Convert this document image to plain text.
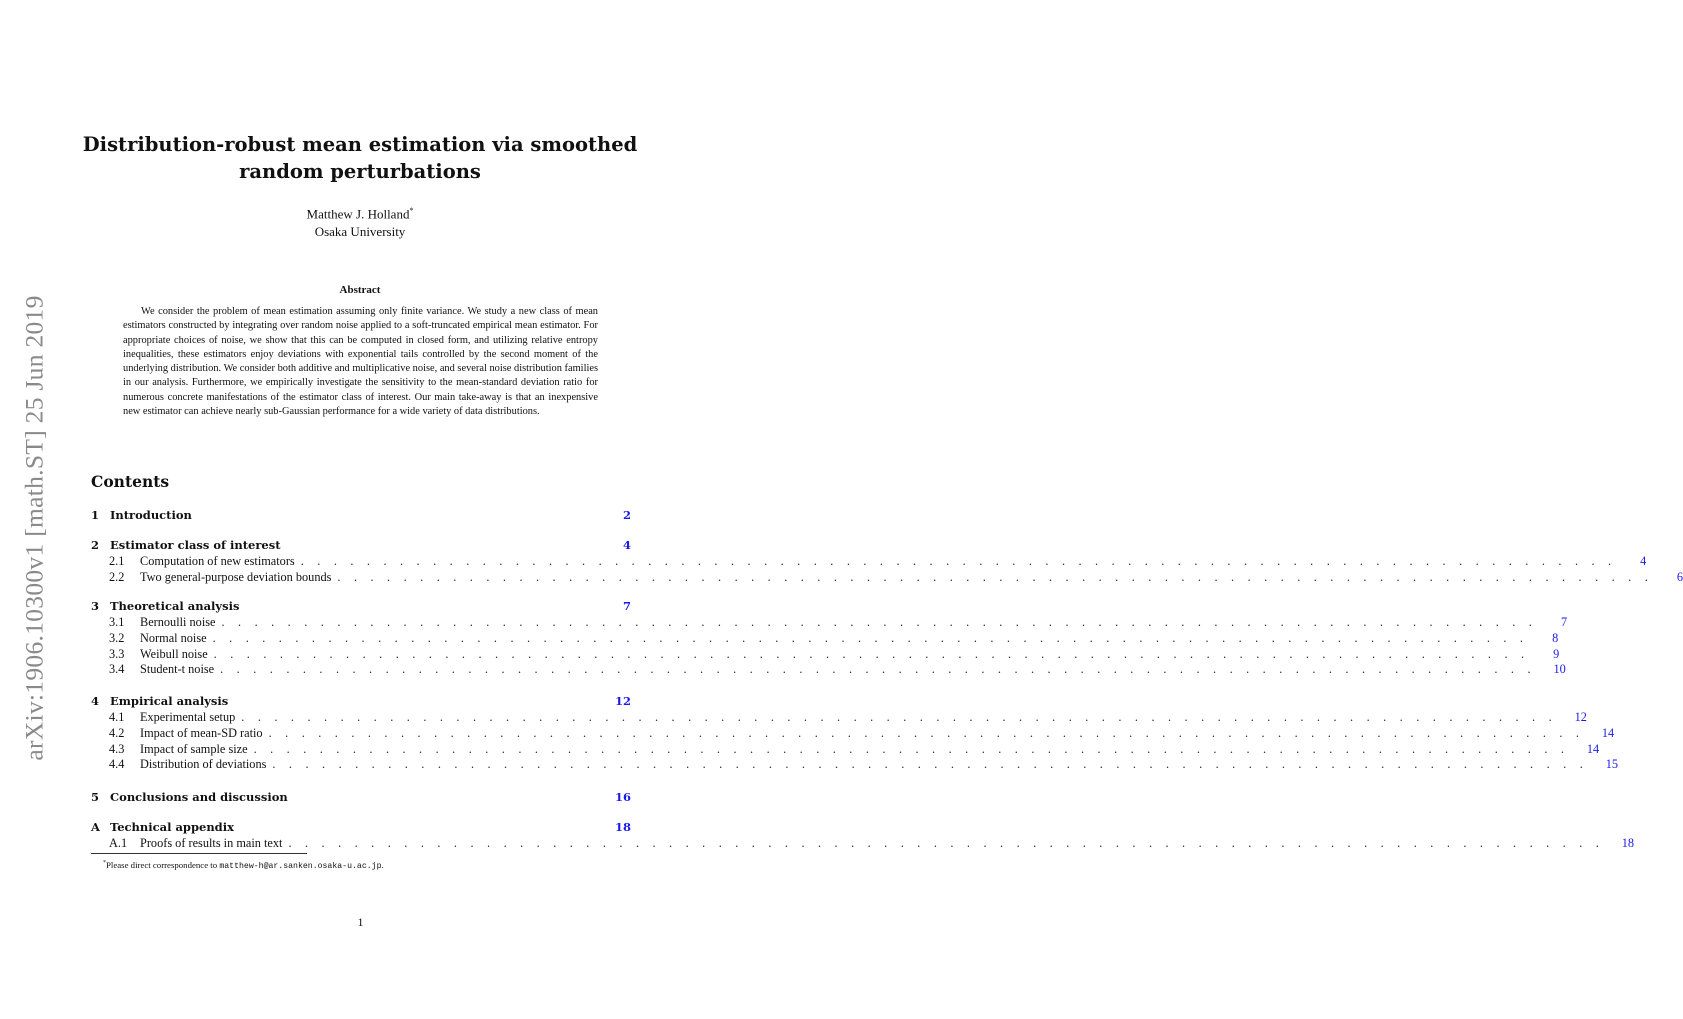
arXiv:1906.10300v1 [math.ST] 25 Jun 2019
Distribution-robust mean estimation via smoothed random perturbations
Matthew J. Holland*
Osaka University
Abstract
We consider the problem of mean estimation assuming only finite variance. We study a new class of mean estimators constructed by integrating over random noise applied to a soft-truncated empirical mean estimator. For appropriate choices of noise, we show that this can be computed in closed form, and utilizing relative entropy inequalities, these estimators enjoy deviations with exponential tails controlled by the second moment of the underlying distribution. We consider both additive and multiplicative noise, and several noise distribution families in our analysis. Furthermore, we empirically investigate the sensitivity to the mean-standard deviation ratio for numerous concrete manifestations of the estimator class of interest. Our main take-away is that an inexpensive new estimator can achieve nearly sub-Gaussian performance for a wide variety of data distributions.
Contents
1 Introduction	2
2 Estimator class of interest	4
2.1	Computation of new estimators . . . . . . . . . . . . . . . . . . . . . . . . . . . . . . . . . . . . . . . . . . . . . . . . . . . . . . . . . . . . . . . . . . . . . . . . . . . . . . . .	4
2.2	Two general-purpose deviation bounds . . . . . . . . . . . . . . . . . . . . . . . . . . . . . . . . . . . . . . . . . . . . . . . . . . . . . . . . . . . . . . . . . . . . . . . . . . . . . . . .	6
3 Theoretical analysis	7
3.1	Bernoulli noise . . . . . . . . . . . . . . . . . . . . . . . . . . . . . . . . . . . . . . . . . . . . . . . . . . . . . . . . . . . . . . . . . . . . . . . . . . . . . . . .	7
3.2	Normal noise . . . . . . . . . . . . . . . . . . . . . . . . . . . . . . . . . . . . . . . . . . . . . . . . . . . . . . . . . . . . . . . . . . . . . . . . . . . . . . . .	8
3.3	Weibull noise . . . . . . . . . . . . . . . . . . . . . . . . . . . . . . . . . . . . . . . . . . . . . . . . . . . . . . . . . . . . . . . . . . . . . . . . . . . . . . . .	9
3.4	Student-t noise . . . . . . . . . . . . . . . . . . . . . . . . . . . . . . . . . . . . . . . . . . . . . . . . . . . . . . . . . . . . . . . . . . . . . . . . . . . . . . . .	10
4 Empirical analysis	12
4.1	Experimental setup . . . . . . . . . . . . . . . . . . . . . . . . . . . . . . . . . . . . . . . . . . . . . . . . . . . . . . . . . . . . . . . . . . . . . . . . . . . . . . . .	12
4.2	Impact of mean-SD ratio . . . . . . . . . . . . . . . . . . . . . . . . . . . . . . . . . . . . . . . . . . . . . . . . . . . . . . . . . . . . . . . . . . . . . . . . . . . . . . . .	14
4.3	Impact of sample size . . . . . . . . . . . . . . . . . . . . . . . . . . . . . . . . . . . . . . . . . . . . . . . . . . . . . . . . . . . . . . . . . . . . . . . . . . . . . . . .	14
4.4	Distribution of deviations . . . . . . . . . . . . . . . . . . . . . . . . . . . . . . . . . . . . . . . . . . . . . . . . . . . . . . . . . . . . . . . . . . . . . . . . . . . . . . . .	15
5 Conclusions and discussion	16
A Technical appendix	18
A.1	Proofs of results in main text . . . . . . . . . . . . . . . . . . . . . . . . . . . . . . . . . . . . . . . . . . . . . . . . . . . . . . . . . . . . . . . . . . . . . . . . . . . . . . . .	18
*Please direct correspondence to matthew-h@ar.sanken.osaka-u.ac.jp.
1
